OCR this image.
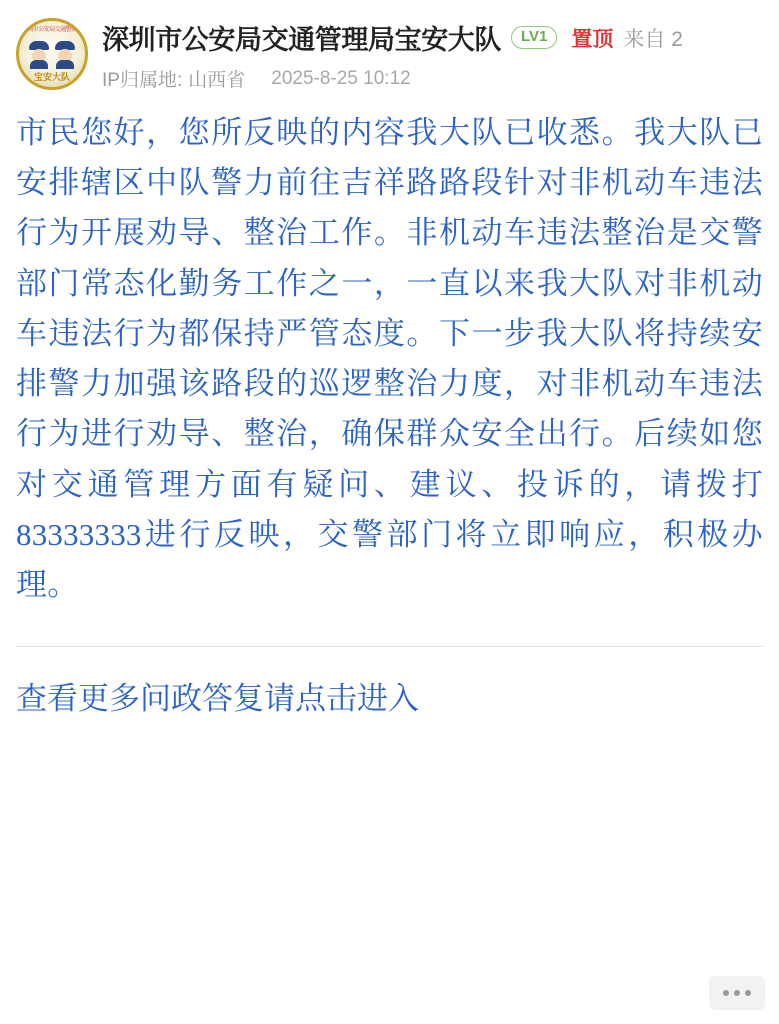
深圳市公安局交通警察局
宝安大队
深圳市公安局交通管理局宝安大队	LV1	置顶 来自 2
IP归属地: 山西省 2025-8-25 10:12
市民您好，您所反映的内容我大队已收悉。我大队已安排辖区中队警力前往吉祥路路段针对非机动车违法行为开展劝导、整治工作。非机动车违法整治是交警部门常态化勤务工作之一，一直以来我大队对非机动车违法行为都保持严管态度。下一步我大队将持续安排警力加强该路段的巡逻整治力度，对非机动车违法行为进行劝导、整治，确保群众安全出行。后续如您对交通管理方面有疑问、建议、投诉的，请拨打83333333进行反映，交警部门将立即响应，积极办理。
查看更多问政答复请点击进入
